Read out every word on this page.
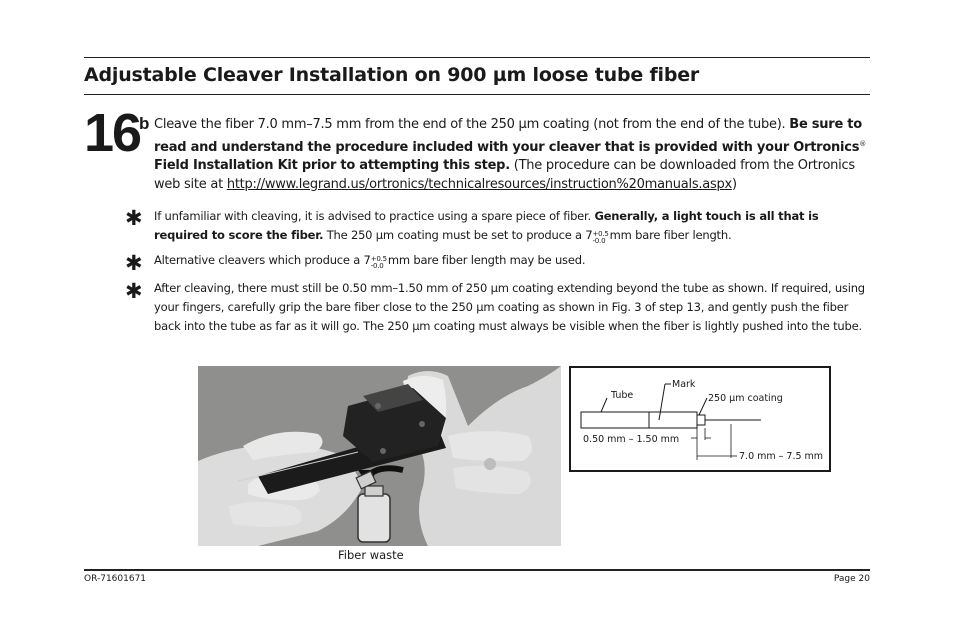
Adjustable Cleaver Installation on 900 µm loose tube fiber
16
b Cleave the fiber 7.0 mm–7.5 mm from the end of the 250 µm coating (not from the end of the tube). Be sure to read and understand the procedure included with your cleaver that is provided with your Ortronics® Field Installation Kit prior to attempting this step. (The procedure can be downloaded from the Ortronics web site at http://www.legrand.us/ortronics/technicalresources/instruction%20manuals.aspx)
✱ If unfamiliar with cleaving, it is advised to practice using a spare piece of fiber. Generally, a light touch is all that is required to score the fiber. The 250 µm coating must be set to produce a 7 +0.5
-0.0 mm bare fiber length.
✱ Alternative cleavers which produce a 7 +0.5
-0.0 mm bare fiber length may be used.
✱ After cleaving, there must still be 0.50 mm–1.50 mm of 250 µm coating extending beyond the tube as shown. If required, using your fingers, carefully grip the bare fiber close to the 250 µm coating as shown in Fig. 3 of step 13, and gently push the fiber back into the tube as far as it will go. The 250 µm coating must always be visible when the fiber is lightly pushed into the tube.
Fiber waste
Tube
Mark
250 µm coating
0.50 mm – 1.50 mm
7.0 mm – 7.5 mm
OR-71601671	Page 20
